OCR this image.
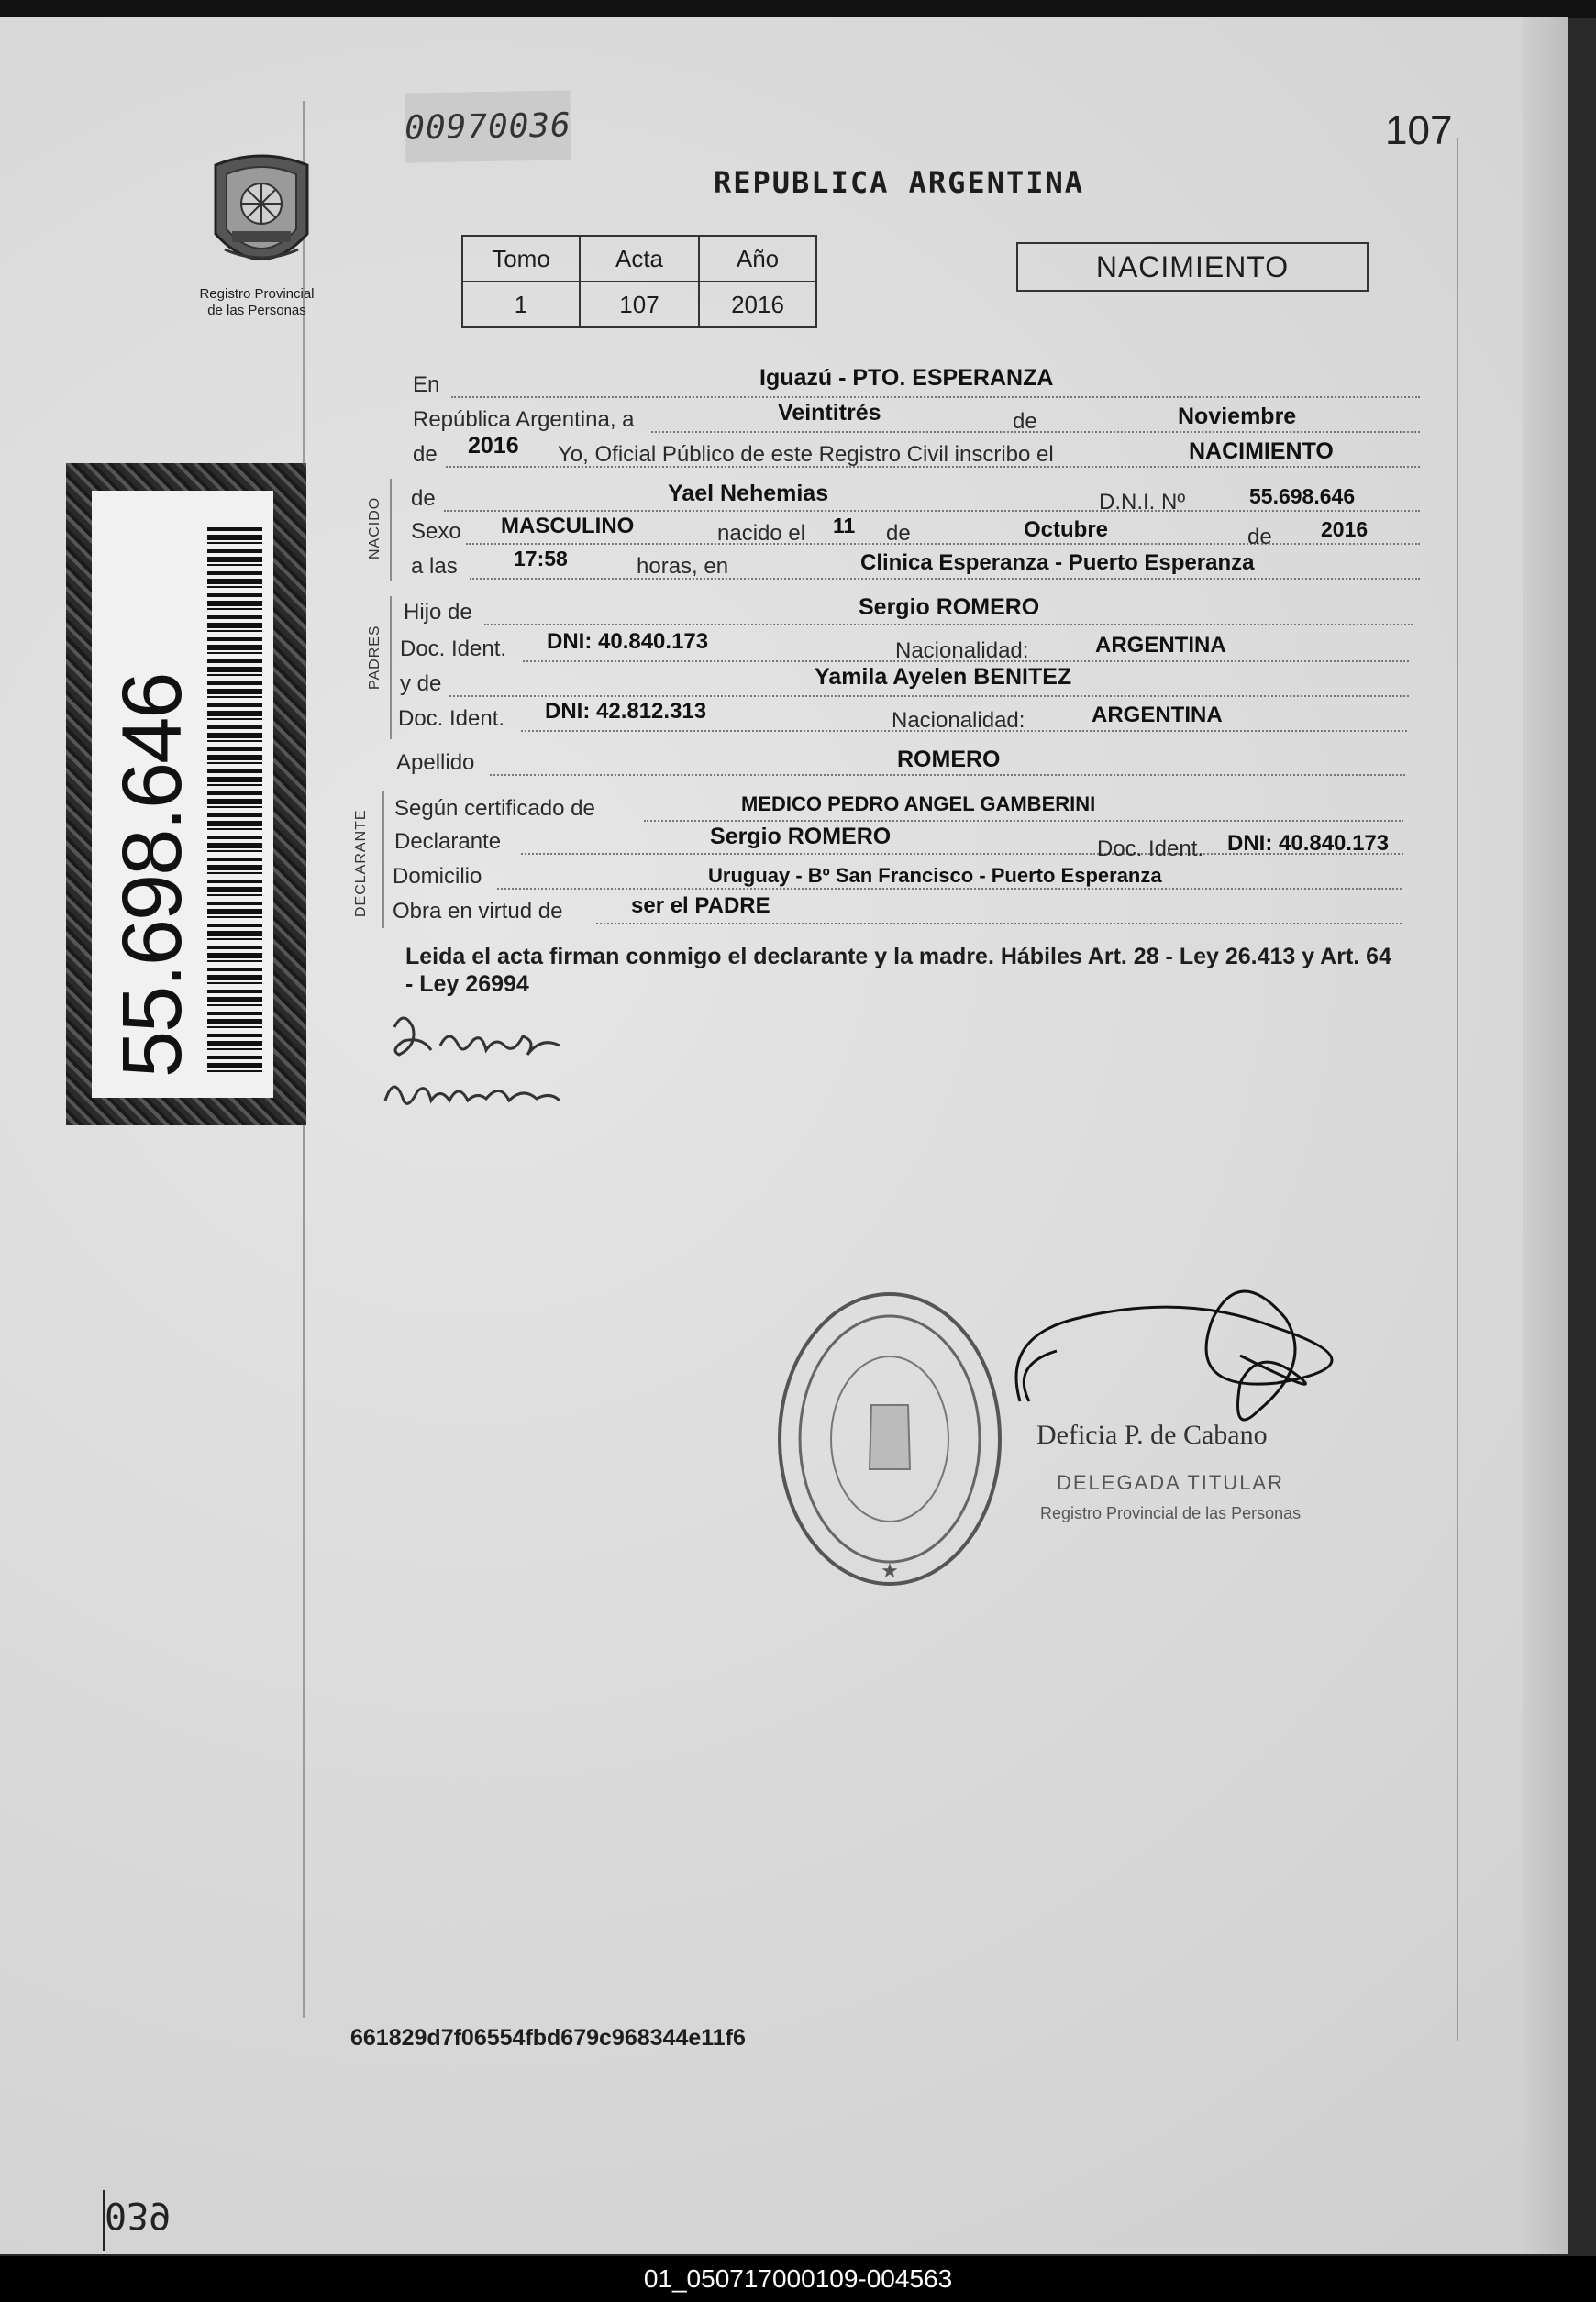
00970036	107
REPUBLICA ARGENTINA
Registro Provincial
de las Personas
Tomo	Acta	Año
1	107	2016
NACIMIENTO
55.698.646
NACIDO
PADRES
DECLARANTE
En	Iguazú - PTO. ESPERANZA
República Argentina, a	Veintitrés	de	Noviembre
de 2016 Yo, Oficial Público de este Registro Civil inscribo el	NACIMIENTO
de	Yael Nehemias	D.N.I. Nº	55.698.646
Sexo MASCULINO	nacido el 11 de	Octubre	de 2016
a las	17:58	horas, en	Clinica Esperanza - Puerto Esperanza
Hijo de	Sergio ROMERO
Doc. Ident. DNI: 40.840.173	Nacionalidad:	ARGENTINA
y de	Yamila Ayelen BENITEZ
Doc. Ident. DNI: 42.812.313	Nacionalidad:	ARGENTINA
Apellido	ROMERO
Según certificado de	MEDICO PEDRO ANGEL GAMBERINI
Declarante	Sergio ROMERO	Doc. Ident. DNI: 40.840.173
Domicilio	Uruguay - Bº San Francisco - Puerto Esperanza
Obra en virtud de	ser el PADRE
Leida el acta firman conmigo el declarante y la madre. Hábiles Art. 28 - Ley 26.413 y Art. 64 - Ley 26994
★
Deficia P. de Cabano
DELEGADA TITULAR
Registro Provincial de las Personas
661829d7f06554fbd679c968344e11f6
039
01_050717000109-004563
